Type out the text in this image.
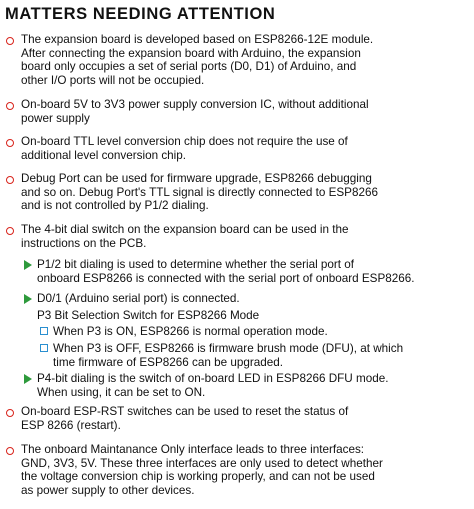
MATTERS NEEDING ATTENTION
The expansion board is developed based on ESP8266-12E module.
After connecting the expansion board with Arduino, the expansion
board only occupies a set of serial ports (D0, D1) of Arduino, and
other I/O ports will not be occupied.
On-board 5V to 3V3 power supply conversion IC, without additional
power supply
On-board TTL level conversion chip does not require the use of
additional level conversion chip.
Debug Port can be used for firmware upgrade, ESP8266 debugging
and so on. Debug Port's TTL signal is directly connected to ESP8266
and is not controlled by P1/2 dialing.
The 4-bit dial switch on the expansion board can be used in the
instructions on the PCB.
P1/2 bit dialing is used to determine whether the serial port of
onboard ESP8266 is connected with the serial port of onboard ESP8266.
D0/1 (Arduino serial port) is connected.
P3 Bit Selection Switch for ESP8266 Mode
When P3 is ON, ESP8266 is normal operation mode.
When P3 is OFF, ESP8266 is firmware brush mode (DFU), at which
time firmware of ESP8266 can be upgraded.
P4-bit dialing is the switch of on-board LED in ESP8266 DFU mode.
When using, it can be set to ON.
On-board ESP-RST switches can be used to reset the status of
ESP 8266 (restart).
The onboard Maintanance Only interface leads to three interfaces:
GND, 3V3, 5V. These three interfaces are only used to detect whether
the voltage conversion chip is working properly, and can not be used
as power supply to other devices.
